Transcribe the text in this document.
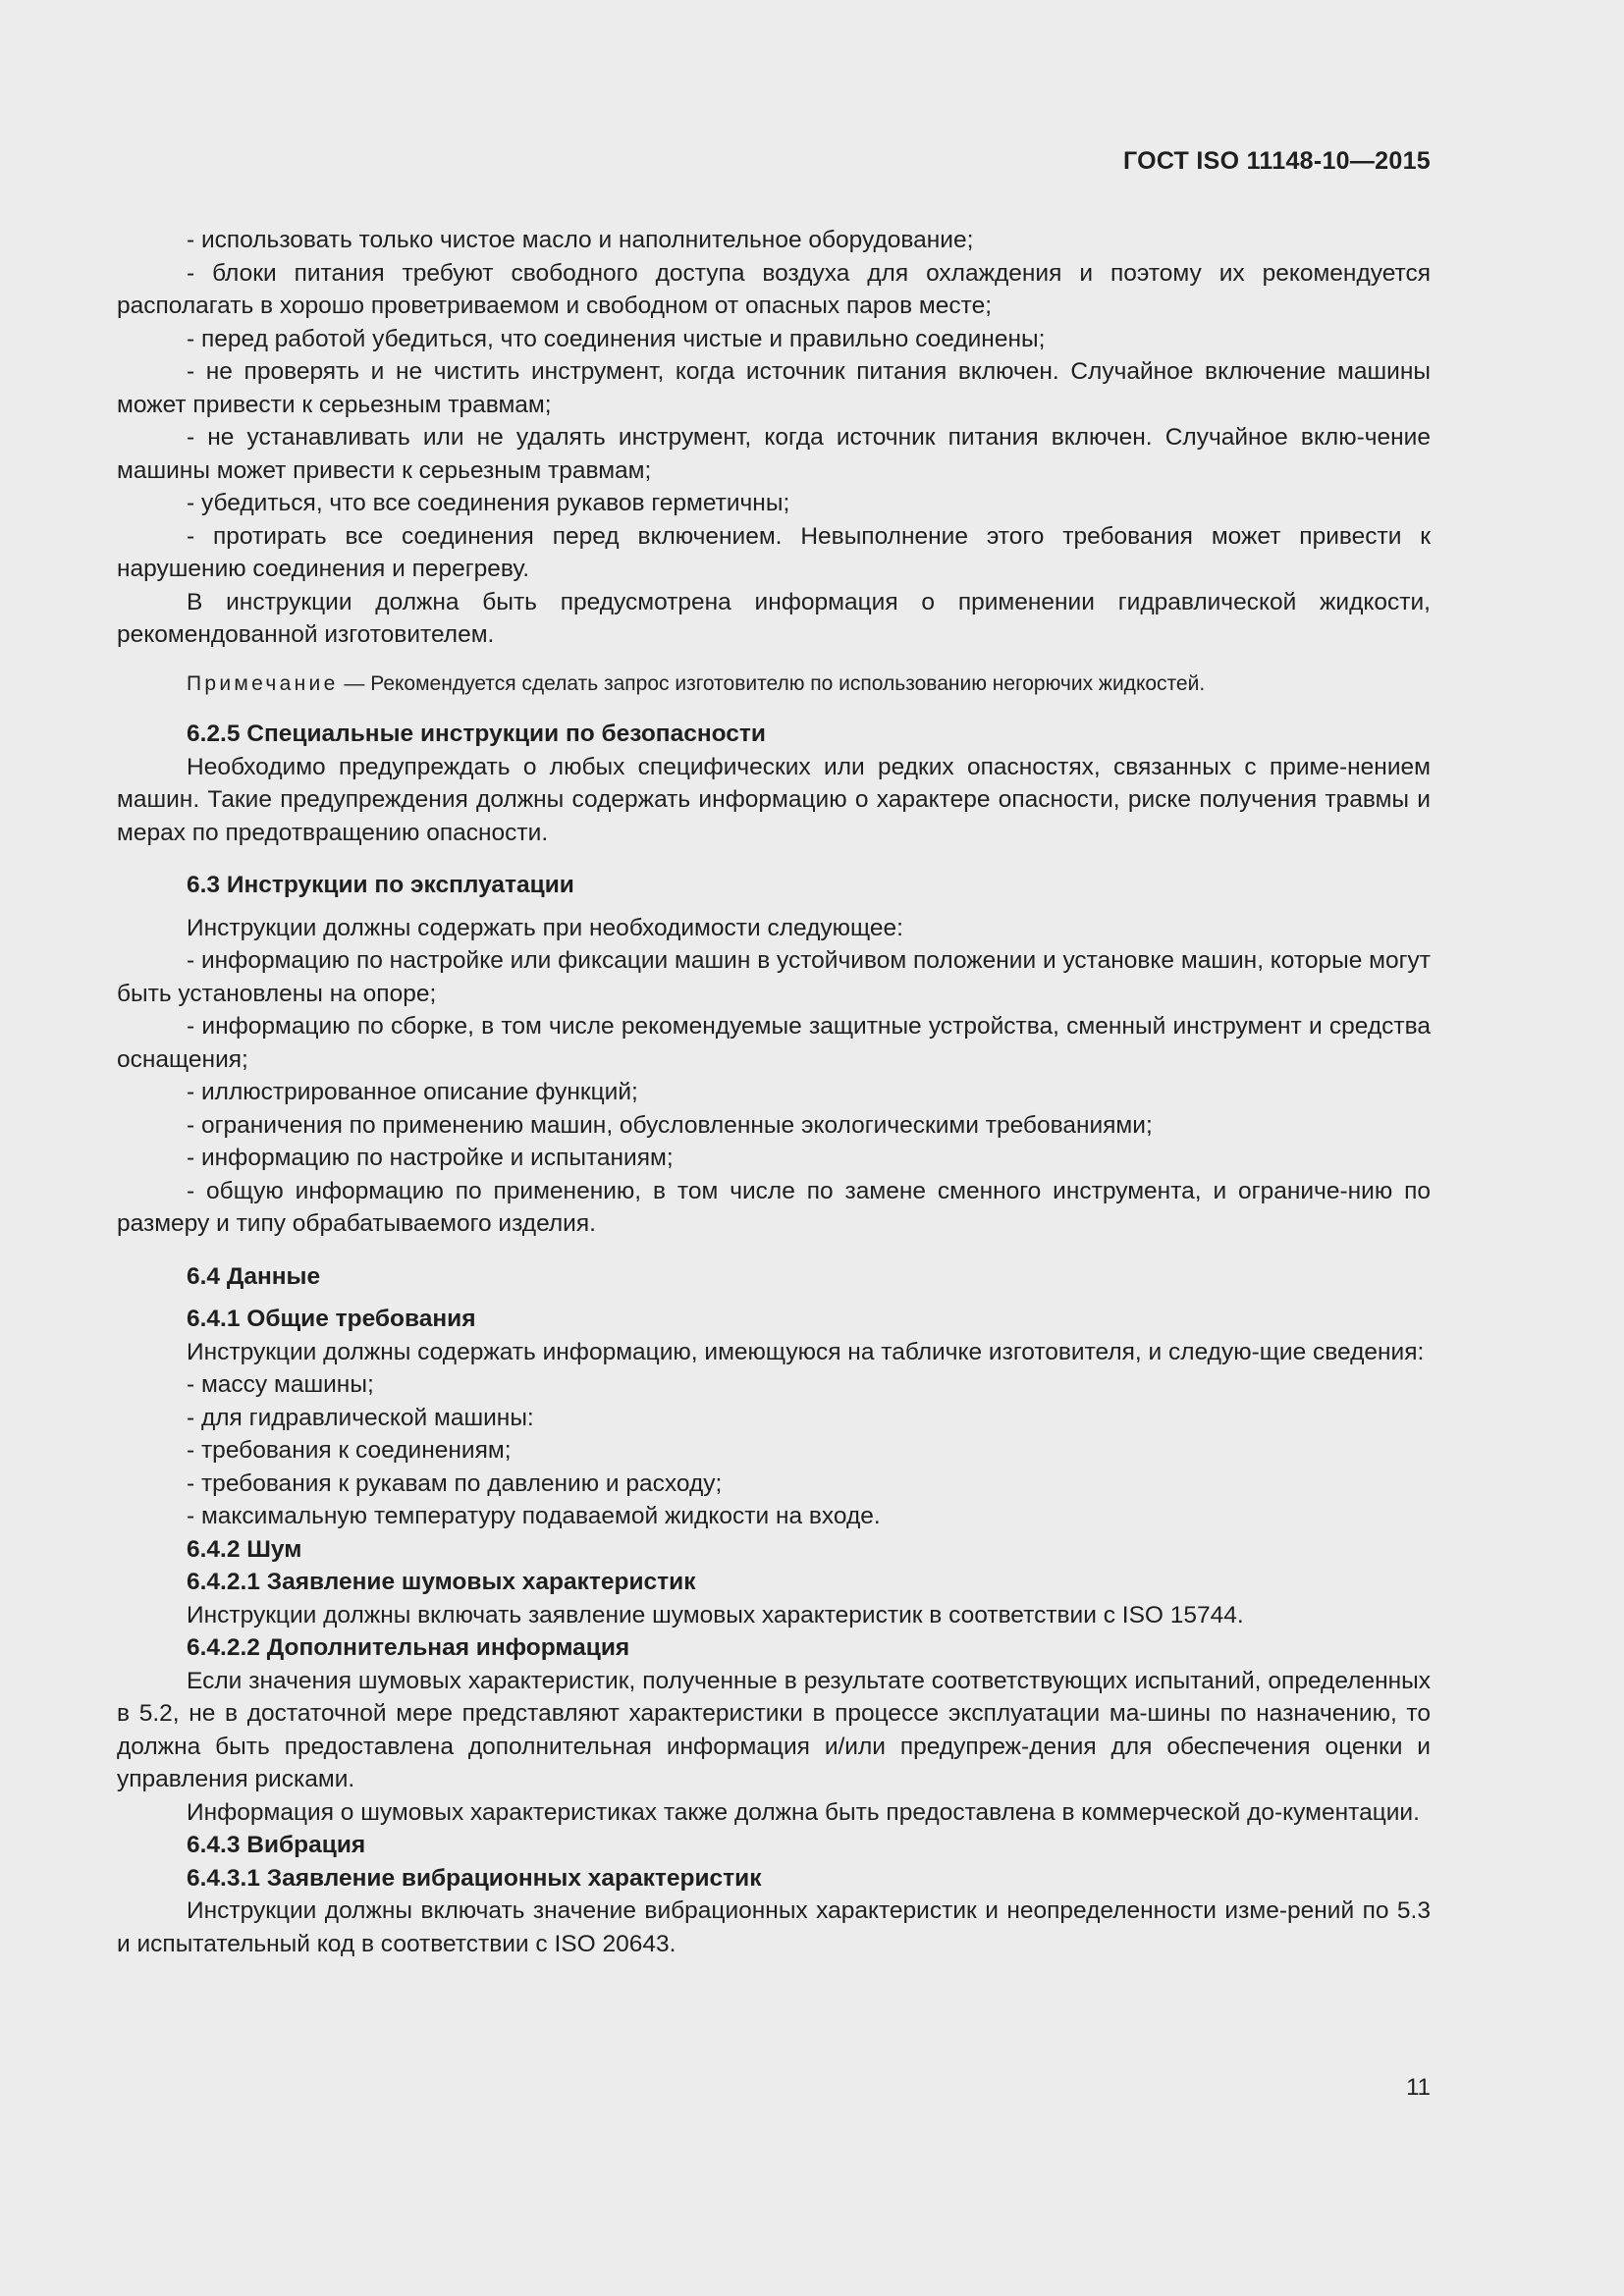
ГОСТ ISO 11148-10—2015

- использовать только чистое масло и наполнительное оборудование;

- блоки питания требуют свободного доступа воздуха для охлаждения и поэтому их рекомендуется располагать в хорошо проветриваемом и свободном от опасных паров месте;

- перед работой убедиться, что соединения чистые и правильно соединены;

- не проверять и не чистить инструмент, когда источник питания включен. Случайное включение машины может привести к серьезным травмам;

- не устанавливать или не удалять инструмент, когда источник питания включен. Случайное вклю-чение машины может привести к серьезным травмам;

- убедиться, что все соединения рукавов герметичны;

- протирать все соединения перед включением. Невыполнение этого требования может привести к нарушению соединения и перегреву.

В инструкции должна быть предусмотрена информация о применении гидравлической жидкости, рекомендованной изготовителем.

Примечание — Рекомендуется сделать запрос изготовителю по использованию негорючих жидкостей.

6.2.5 Специальные инструкции по безопасности

Необходимо предупреждать о любых специфических или редких опасностях, связанных с приме-нением машин. Такие предупреждения должны содержать информацию о характере опасности, риске получения травмы и мерах по предотвращению опасности.

6.3 Инструкции по эксплуатации

Инструкции должны содержать при необходимости следующее:

- информацию по настройке или фиксации машин в устойчивом положении и установке машин, которые могут быть установлены на опоре;

- информацию по сборке, в том числе рекомендуемые защитные устройства, сменный инструмент и средства оснащения;

- иллюстрированное описание функций;

- ограничения по применению машин, обусловленные экологическими требованиями;

- информацию по настройке и испытаниям;

- общую информацию по применению, в том числе по замене сменного инструмента, и ограниче-нию по размеру и типу обрабатываемого изделия.

6.4 Данные

6.4.1 Общие требования

Инструкции должны содержать информацию, имеющуюся на табличке изготовителя, и следую-щие сведения:

- массу машины;

- для гидравлической машины:

- требования к соединениям;

- требования к рукавам по давлению и расходу;

- максимальную температуру подаваемой жидкости на входе.

6.4.2 Шум

6.4.2.1 Заявление шумовых характеристик

Инструкции должны включать заявление шумовых характеристик в соответствии с ISO 15744.

6.4.2.2 Дополнительная информация

Если значения шумовых характеристик, полученные в результате соответствующих испытаний, определенных в 5.2, не в достаточной мере представляют характеристики в процессе эксплуатации ма-шины по назначению, то должна быть предоставлена дополнительная информация и/или предупреж-дения для обеспечения оценки и управления рисками.

Информация о шумовых характеристиках также должна быть предоставлена в коммерческой до-кументации.

6.4.3 Вибрация

6.4.3.1 Заявление вибрационных характеристик

Инструкции должны включать значение вибрационных характеристик и неопределенности изме-рений по 5.3 и испытательный код в соответствии с ISO 20643.

11
